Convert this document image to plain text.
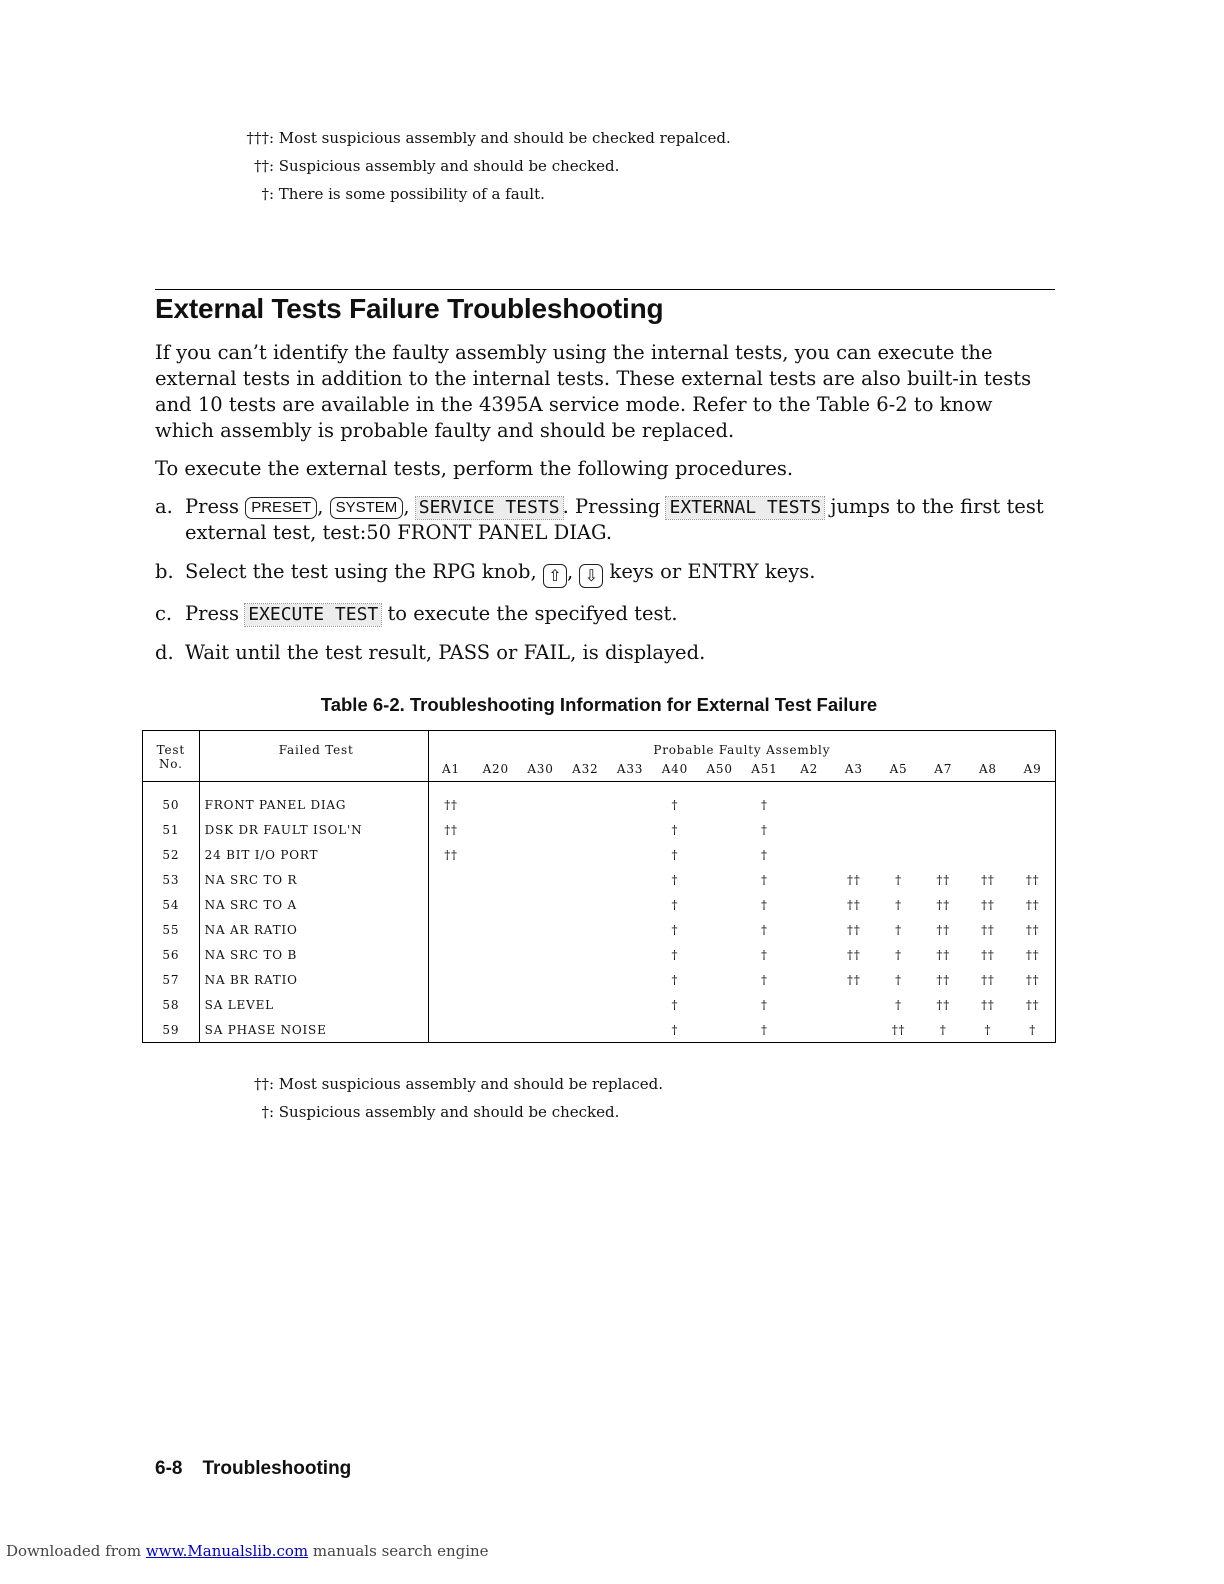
†††:
Most suspicious assembly and should be checked repalced.
††:
Suspicious assembly and should be checked.
†:
There is some possibility of a fault.
External Tests Failure Troubleshooting

If you can’t identify the faulty assembly using the internal tests, you can execute the external tests in addition to the internal tests. These external tests are also built-in tests and 10 tests are available in the 4395A service mode. Refer to the Table 6-2 to know which assembly is probable faulty and should be replaced.

To execute the external tests, perform the following procedures.

a. Press PRESET , SYSTEM , SERVICE TESTS . Pressing EXTERNAL TESTS jumps to the first test external test, test:50 FRONT PANEL DIAG.
b. Select the test using the RPG knob, ⇧ , ⇩ keys or ENTRY keys.
c. Press EXECUTE TEST to execute the specifyed test.
d. Wait until the test result, PASS or FAIL, is displayed.
Table 6-2. Troubleshooting Information for External Test Failure
Test	Failed Test	Probable Faulty Assembly													
No.		A1	A20	A30	A32	A33	A40	A50	A51	A2	A3	A5	A7	A8	A9
50	FRONT PANEL DIAG	††					†		†						
51	DSK DR FAULT ISOL'N	††					†		†						
52	24 BIT I/O PORT	††					†		†						
53	NA SRC TO R						†		†		††	†	††	††	††
54	NA SRC TO A						†		†		††	†	††	††	††
55	NA AR RATIO						†		†		††	†	††	††	††
56	NA SRC TO B						†		†		††	†	††	††	††
57	NA BR RATIO						†		†		††	†	††	††	††
58	SA LEVEL						†		†			†	††	††	††
59	SA PHASE NOISE						†		†			††	†	†	†
††:
Most suspicious assembly and should be replaced.
†:
Suspicious assembly and should be checked.
6-8 Troubleshooting
Downloaded from www.Manualslib.com manuals search engine
